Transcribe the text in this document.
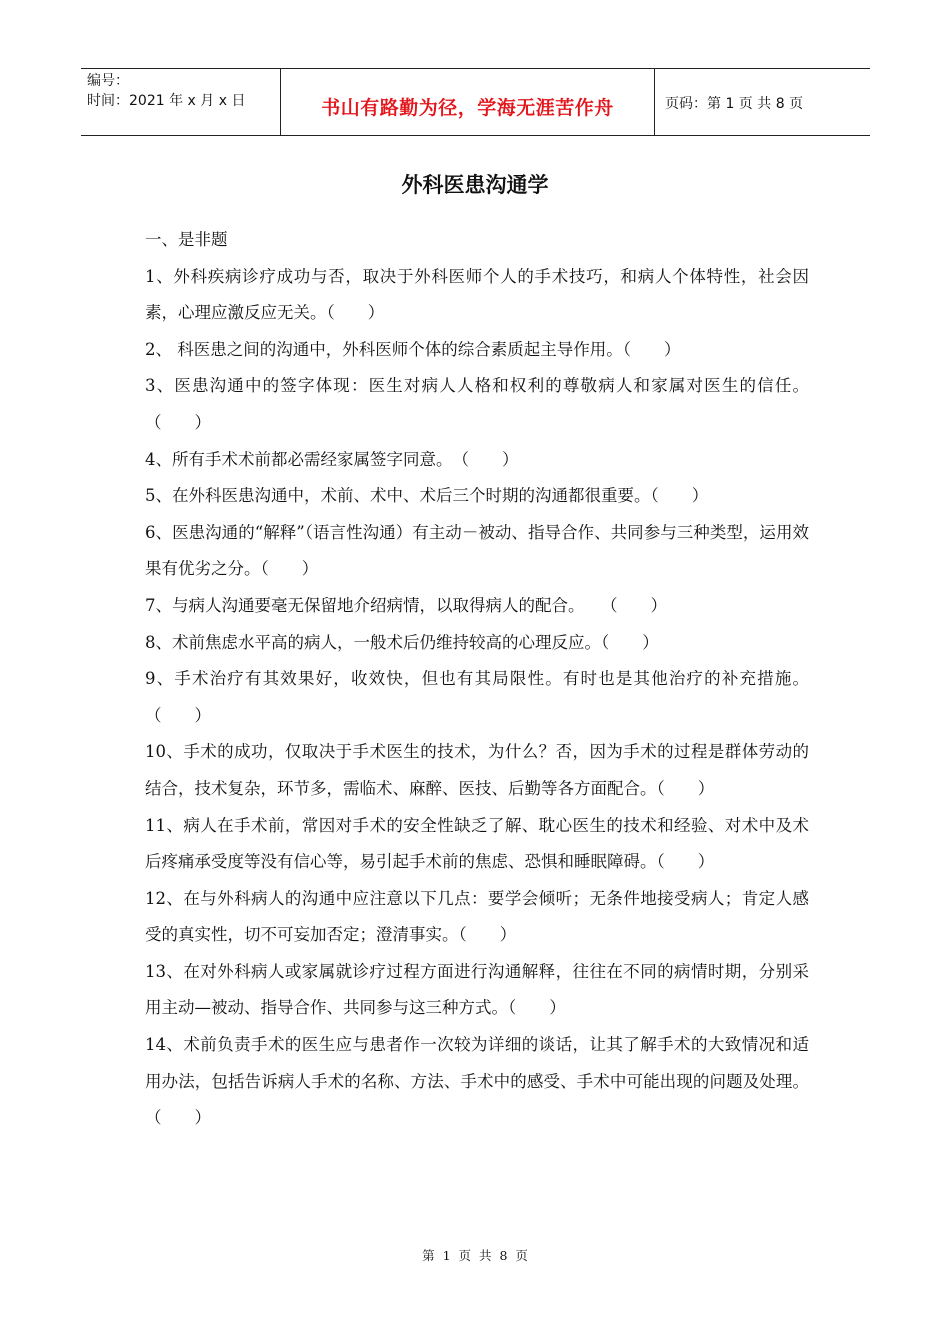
编号：
时间：2021 年 x 月 x 日	书山有路勤为径，学海无涯苦作舟	页码：第 1 页 共 8 页
外科医患沟通学

一、是非题

1、外科疾病诊疗成功与否，取决于外科医师个人的手术技巧，和病人个体特性，社会因素，心理应激反应无关。（　　）

2、 科医患之间的沟通中，外科医师个体的综合素质起主导作用。（　　）

3、医患沟通中的签字体现：医生对病人人格和权利的尊敬病人和家属对医生的信任。（　　）

4、所有手术术前都必需经家属签字同意。　（　　）

5、在外科医患沟通中，术前、术中、术后三个时期的沟通都很重要。（　　）

6、医患沟通的“解释”（语言性沟通）有主动－被动、指导合作、共同参与三种类型，运用效果有优劣之分。（　　）

7、与病人沟通要毫无保留地介绍病情，以取得病人的配合。　　（　　）

8、术前焦虑水平高的病人，一般术后仍维持较高的心理反应。（　　）

9、手术治疗有其效果好，收效快，但也有其局限性。有时也是其他治疗的补充措施。（　　）

10、手术的成功，仅取决于手术医生的技术，为什么？否，因为手术的过程是群体劳动的结合，技术复杂，环节多，需临术、麻醉、医技、后勤等各方面配合。（　　）

11、病人在手术前，常因对手术的安全性缺乏了解、耽心医生的技术和经验、对术中及术后疼痛承受度等没有信心等，易引起手术前的焦虑、恐惧和睡眠障碍。（　　）

12、在与外科病人的沟通中应注意以下几点：要学会倾听；无条件地接受病人；肯定人感受的真实性，切不可妄加否定；澄清事实。（　　）

13、在对外科病人或家属就诊疗过程方面进行沟通解释，往往在不同的病情时期，分别采用主动—被动、指导合作、共同参与这三种方式。（　　）

14、术前负责手术的医生应与患者作一次较为详细的谈话，让其了解手术的大致情况和适用办法，包括告诉病人手术的名称、方法、手术中的感受、手术中可能出现的问题及处理。（　　）

第 1 页 共 8 页
